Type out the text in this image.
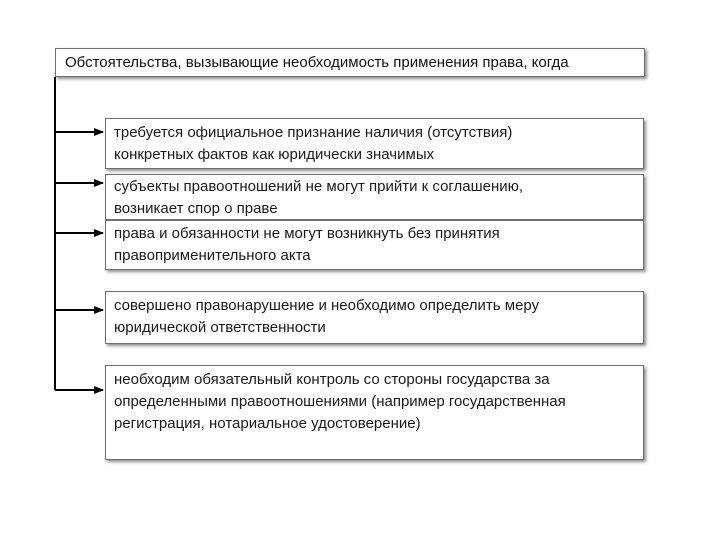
Обстоятельства, вызывающие необходимость применения права, когда
требуется официальное признание наличия (отсутствия)
конкретных фактов как юридически значимых
субъекты правоотношений не могут прийти к соглашению,
возникает спор о праве
права и обязанности не могут возникнуть без принятия
правоприменительного акта
совершено правонарушение и необходимо определить меру
юридической ответственности
необходим обязательный контроль со стороны государства за
определенными правоотношениями (например государственная
регистрация, нотариальное удостоверение)
